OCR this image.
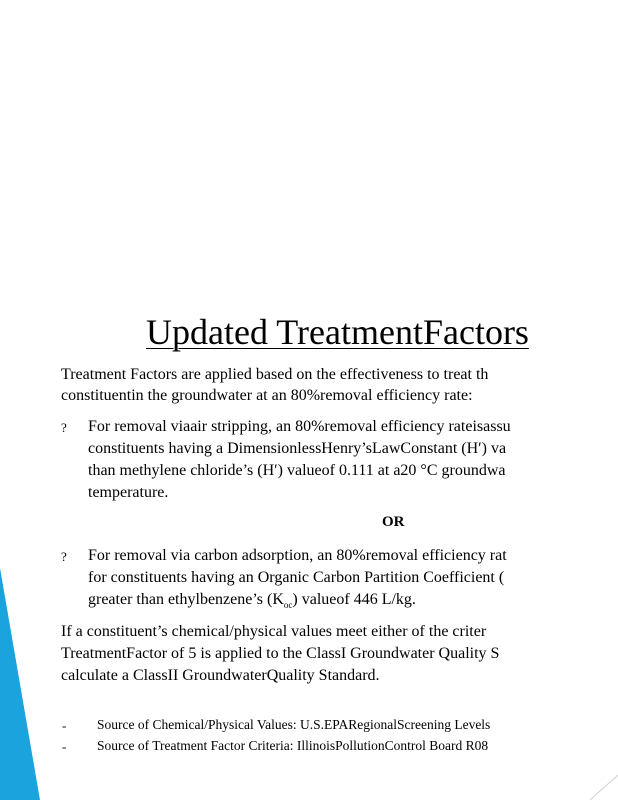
Updated TreatmentFactors
Treatment Factors are applied based on the effectiveness to treat th
constituentin the groundwater at an 80%removal efficiency rate:
? For removal viaair stripping, an 80%removal efficiency rateisassu
constituents having a DimensionlessHenry’sLawConstant (H′) va
than methylene chloride’s (H′) valueof 0.111 at a20 °C groundwa
temperature.
OR
? For removal via carbon adsorption, an 80%removal efficiency rat
for constituents having an Organic Carbon Partition Coefficient (
greater than ethylbenzene’s $(K_{oc})$ valueof 446 L/kg.
If a constituent’s chemical/physical values meet either of the criter
TreatmentFactor of 5 is applied to the ClassI Groundwater Quality S
calculate a ClassII GroundwaterQuality Standard.
- Source of Chemical/Physical Values: U.S.EPARegionalScreening Levels
- Source of Treatment Factor Criteria: IllinoisPollutionControl Board R08
